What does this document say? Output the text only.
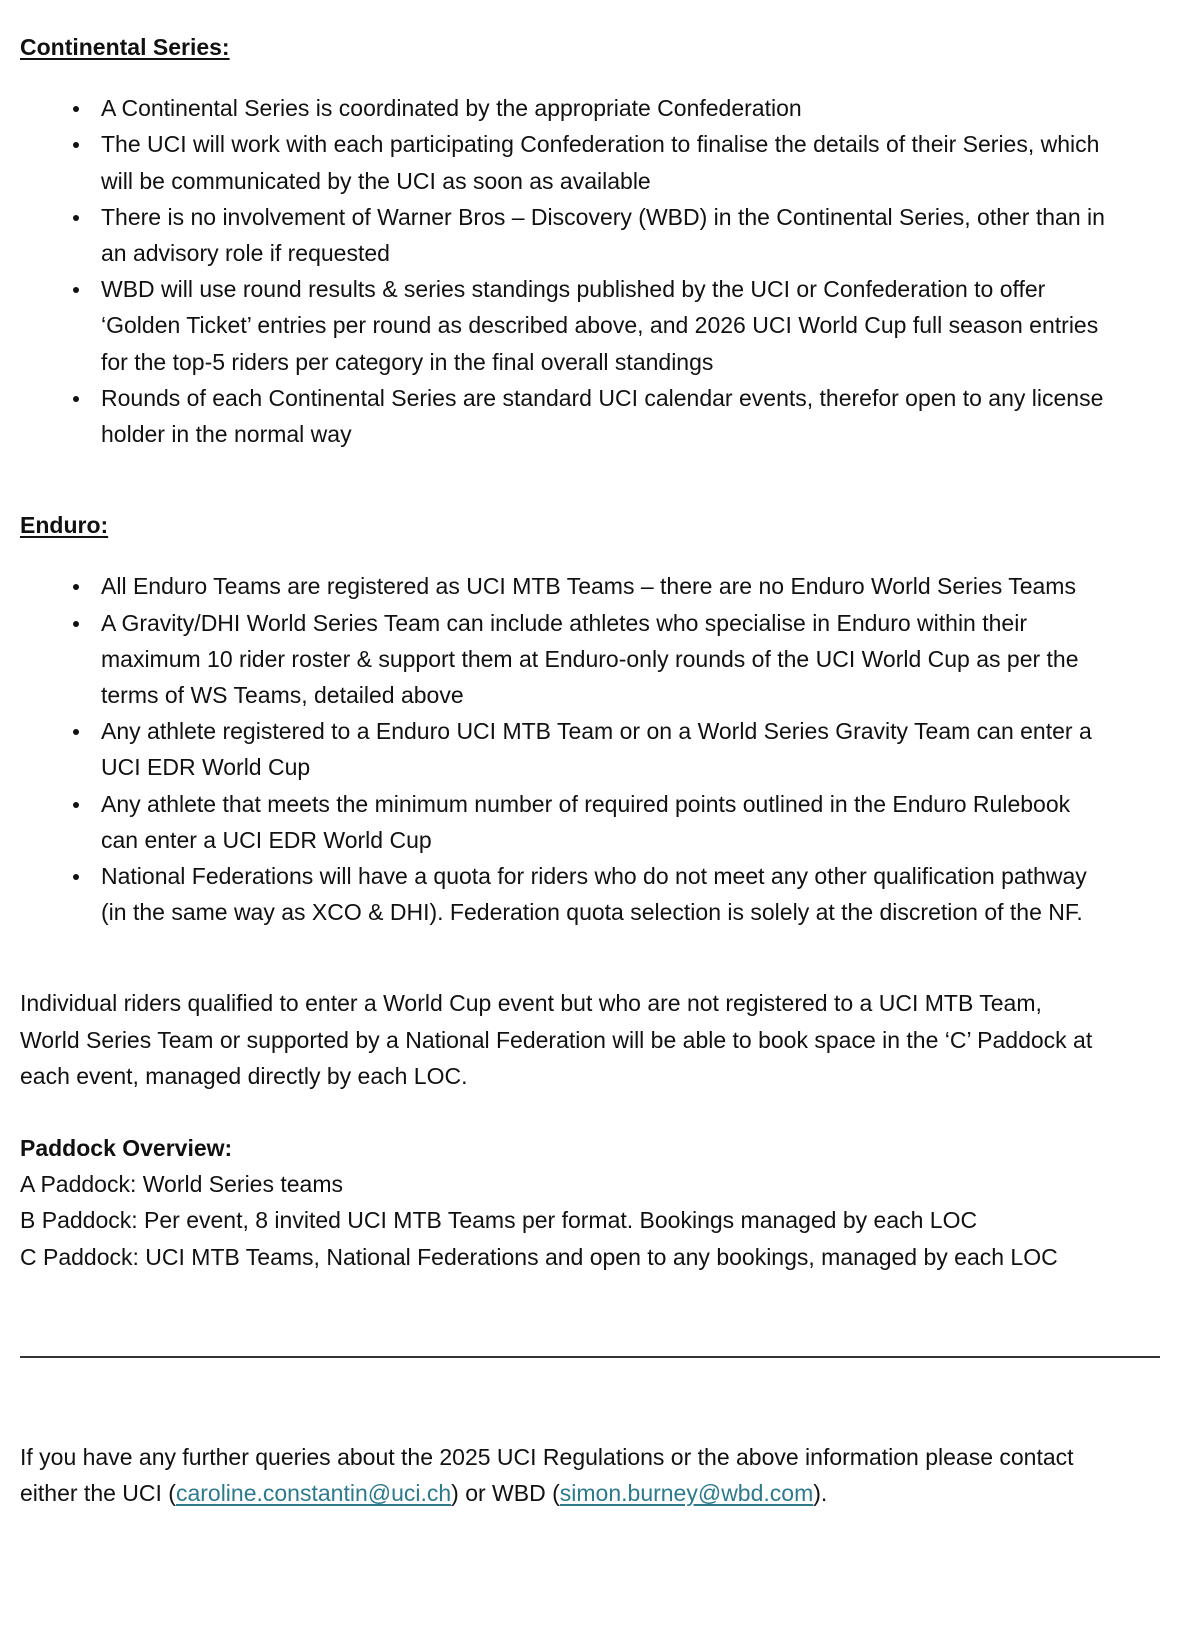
Continental Series:

A Continental Series is coordinated by the appropriate Confederation
The UCI will work with each participating Confederation to finalise the details of their Series, which
will be communicated by the UCI as soon as available
There is no involvement of Warner Bros – Discovery (WBD) in the Continental Series, other than in
an advisory role if requested
WBD will use round results & series standings published by the UCI or Confederation to offer
‘Golden Ticket’ entries per round as described above, and 2026 UCI World Cup full season entries
for the top-5 riders per category in the final overall standings
Rounds of each Continental Series are standard UCI calendar events, therefor open to any license
holder in the normal way

Enduro:

All Enduro Teams are registered as UCI MTB Teams – there are no Enduro World Series Teams
A Gravity/DHI World Series Team can include athletes who specialise in Enduro within their
maximum 10 rider roster & support them at Enduro-only rounds of the UCI World Cup as per the
terms of WS Teams, detailed above
Any athlete registered to a Enduro UCI MTB Team or on a World Series Gravity Team can enter a
UCI EDR World Cup
Any athlete that meets the minimum number of required points outlined in the Enduro Rulebook
can enter a UCI EDR World Cup
National Federations will have a quota for riders who do not meet any other qualification pathway
(in the same way as XCO & DHI). Federation quota selection is solely at the discretion of the NF.

Individual riders qualified to enter a World Cup event but who are not registered to a UCI MTB Team,
World Series Team or supported by a National Federation will be able to book space in the ‘C’ Paddock at
each event, managed directly by each LOC.

Paddock Overview:

A Paddock: World Series teams

B Paddock: Per event, 8 invited UCI MTB Teams per format. Bookings managed by each LOC

C Paddock: UCI MTB Teams, National Federations and open to any bookings, managed by each LOC

If you have any further queries about the 2025 UCI Regulations or the above information please contact
either the UCI (caroline.constantin@uci.ch) or WBD (simon.burney@wbd.com).
